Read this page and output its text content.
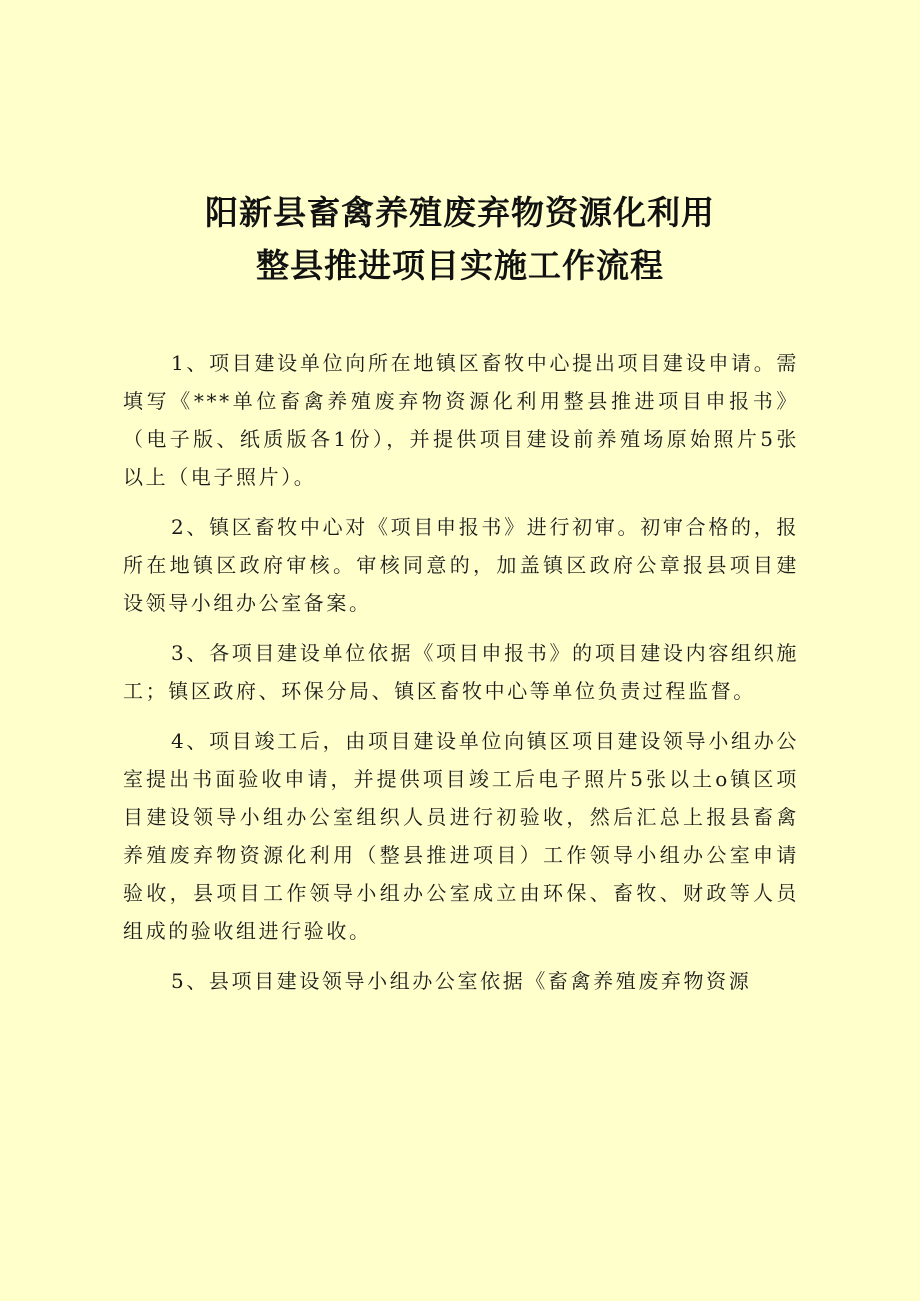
阳新县畜禽养殖废弃物资源化利用
整县推进项目实施工作流程

1、项目建设单位向所在地镇区畜牧中心提出项目建设申请。需填写《***单位畜禽养殖废弃物资源化利用整县推进项目申报书》（电子版、纸质版各1份），并提供项目建设前养殖场原始照片5张以上（电子照片）。

2、镇区畜牧中心对《项目申报书》进行初审。初审合格的，报所在地镇区政府审核。审核同意的，加盖镇区政府公章报县项目建设领导小组办公室备案。

3、各项目建设单位依据《项目申报书》的项目建设内容组织施工；镇区政府、环保分局、镇区畜牧中心等单位负责过程监督。

4、项目竣工后，由项目建设单位向镇区项目建设领导小组办公室提出书面验收申请，并提供项目竣工后电子照片5张以土o镇区项目建设领导小组办公室组织人员进行初验收，然后汇总上报县畜禽养殖废弃物资源化利用（整县推进项目）工作领导小组办公室申请验收，县项目工作领导小组办公室成立由环保、畜牧、财政等人员组成的验收组进行验收。

5、县项目建设领导小组办公室依据《畜禽养殖废弃物资源
